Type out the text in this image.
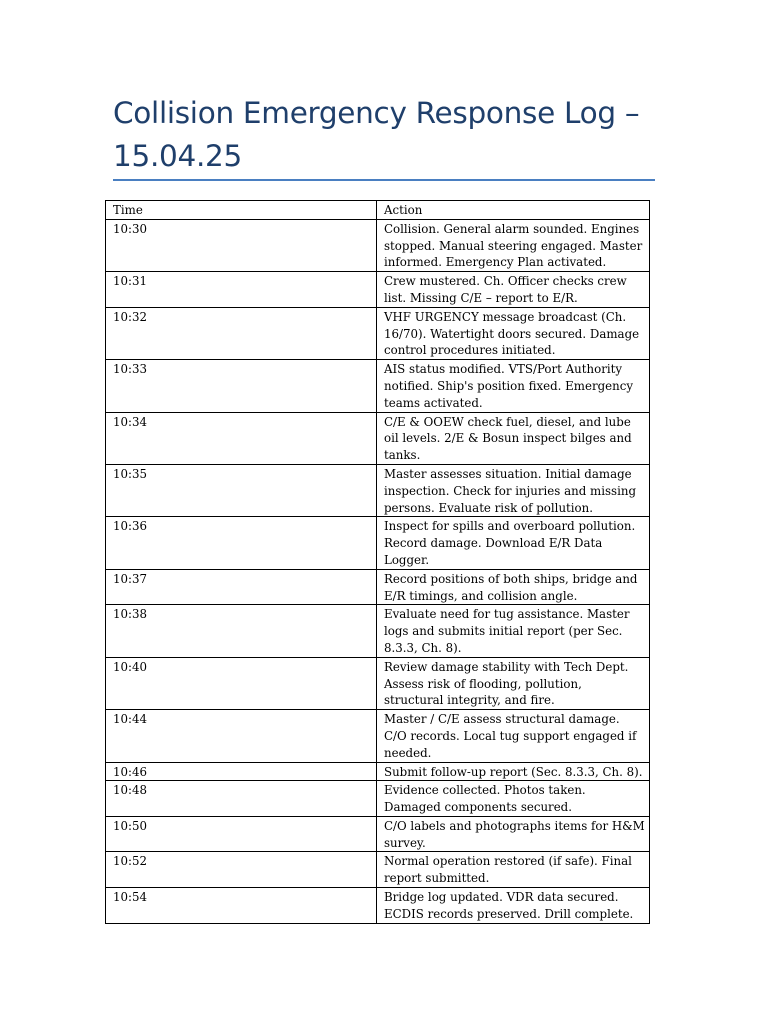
Collision Emergency Response Log – 15.04.25
Time	Action
10:30	Collision. General alarm sounded. Engines stopped. Manual steering engaged. Master informed. Emergency Plan activated.
10:31	Crew mustered. Ch. Officer checks crew list. Missing C/E – report to E/R.
10:32	VHF URGENCY message broadcast (Ch. 16/70). Watertight doors secured. Damage control procedures initiated.
10:33	AIS status modified. VTS/Port Authority notified. Ship's position fixed. Emergency teams activated.
10:34	C/E & OOEW check fuel, diesel, and lube oil levels. 2/E & Bosun inspect bilges and tanks.
10:35	Master assesses situation. Initial damage inspection. Check for injuries and missing persons. Evaluate risk of pollution.
10:36	Inspect for spills and overboard pollution. Record damage. Download E/R Data Logger.
10:37	Record positions of both ships, bridge and E/R timings, and collision angle.
10:38	Evaluate need for tug assistance. Master logs and submits initial report (per Sec. 8.3.3, Ch. 8).
10:40	Review damage stability with Tech Dept. Assess risk of flooding, pollution, structural integrity, and fire.
10:44	Master / C/E assess structural damage. C/O records. Local tug support engaged if needed.
10:46	Submit follow-up report (Sec. 8.3.3, Ch. 8).
10:48	Evidence collected. Photos taken. Damaged components secured.
10:50	C/O labels and photographs items for H&M survey.
10:52	Normal operation restored (if safe). Final report submitted.
10:54	Bridge log updated. VDR data secured. ECDIS records preserved. Drill complete.
